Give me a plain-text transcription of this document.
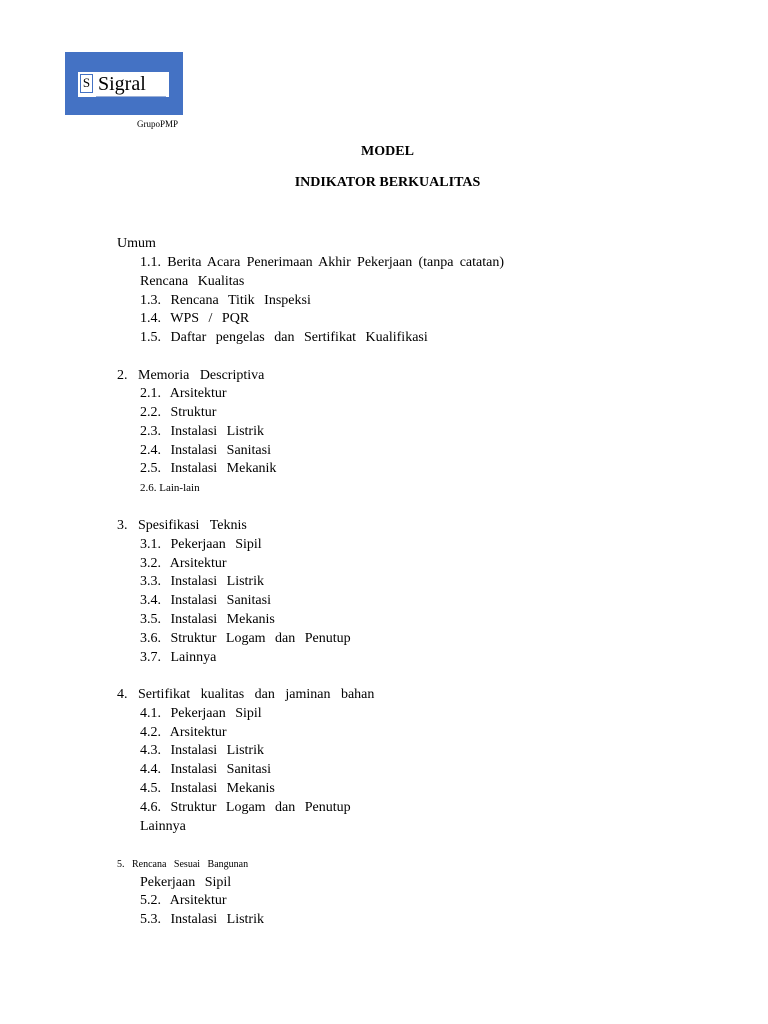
S Sigral
GrupoPMP
MODEL
INDIKATOR BERKUALITAS
Umum
1.1. Berita Acara Penerimaan Akhir Pekerjaan (tanpa catatan)
Rencana Kualitas
1.3. Rencana Titik Inspeksi
1.4. WPS / PQR
1.5. Daftar pengelas dan Sertifikat Kualifikasi
2.   Memoria   Descriptiva
2.1. Arsitektur
2.2. Struktur
2.3. Instalasi Listrik
2.4. Instalasi Sanitasi
2.5. Instalasi Mekanik
2.6. Lain-lain
3.   Spesifikasi   Teknis
3.1. Pekerjaan Sipil
3.2. Arsitektur
3.3. Instalasi Listrik
3.4. Instalasi Sanitasi
3.5. Instalasi Mekanis
3.6. Struktur Logam dan Penutup
3.7. Lainnya
4.   Sertifikat   kualitas   dan   jaminan   bahan
4.1. Pekerjaan Sipil
4.2. Arsitektur
4.3. Instalasi Listrik
4.4. Instalasi Sanitasi
4.5. Instalasi Mekanis
4.6. Struktur Logam dan Penutup
Lainnya
5.   Rencana   Sesuai   Bangunan
Pekerjaan Sipil
5.2. Arsitektur
5.3. Instalasi Listrik
